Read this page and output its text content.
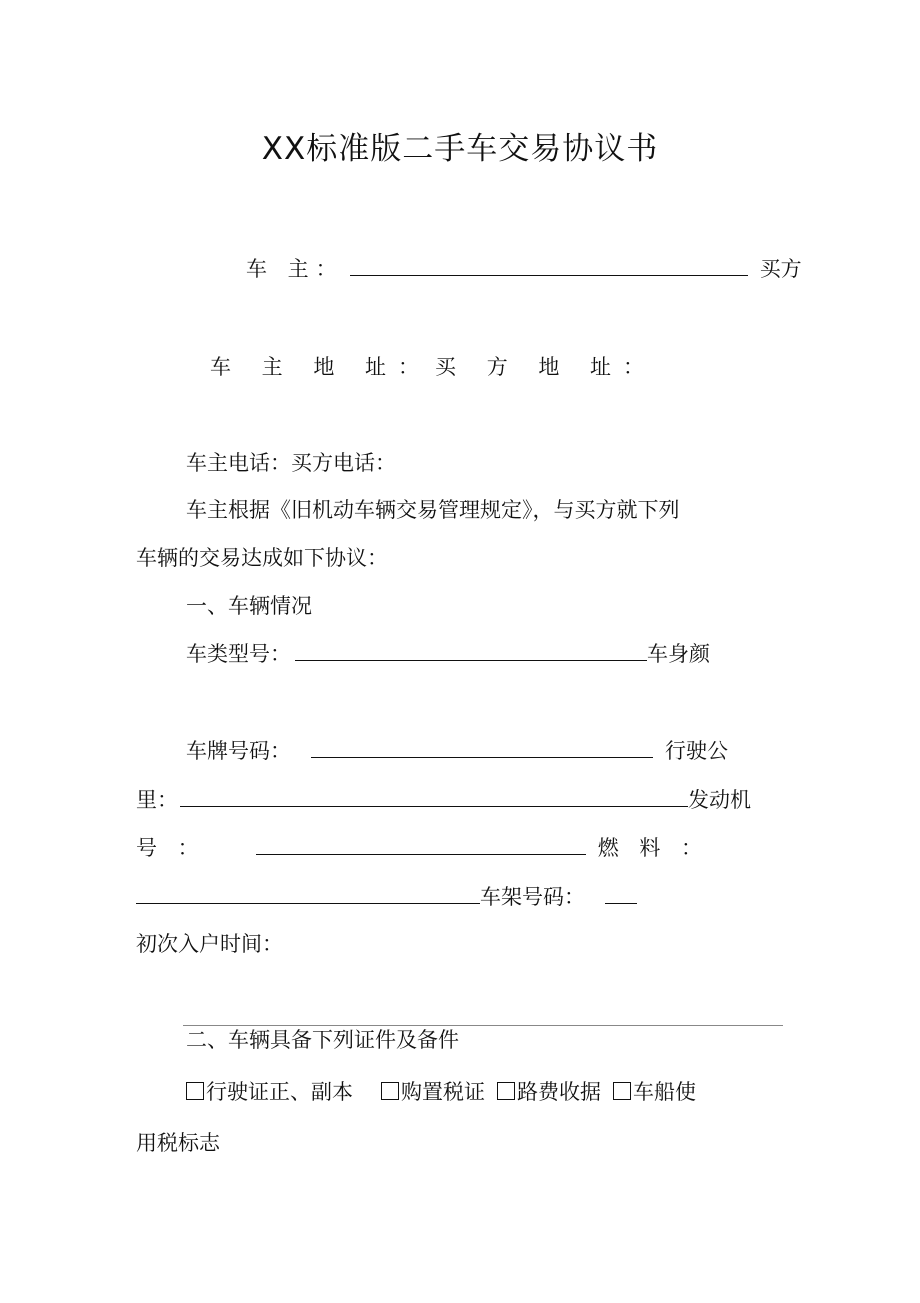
XX标准版二手车交易协议书
车 主：	买方
车 主 地 址： 买 方 地 址：
车主电话：买方电话：
车主根据《旧机动车辆交易管理规定》，与买方就下列
车辆的交易达成如下协议：
一、车辆情况
车类型号：	车身颜
车牌号码：	行驶公
里：	发动机
号 ：	燃 料 ：
车架号码：
初次入户时间：
二、车辆具备下列证件及备件
行驶证正、副本 购置税证 路费收据 车船使
用税标志
